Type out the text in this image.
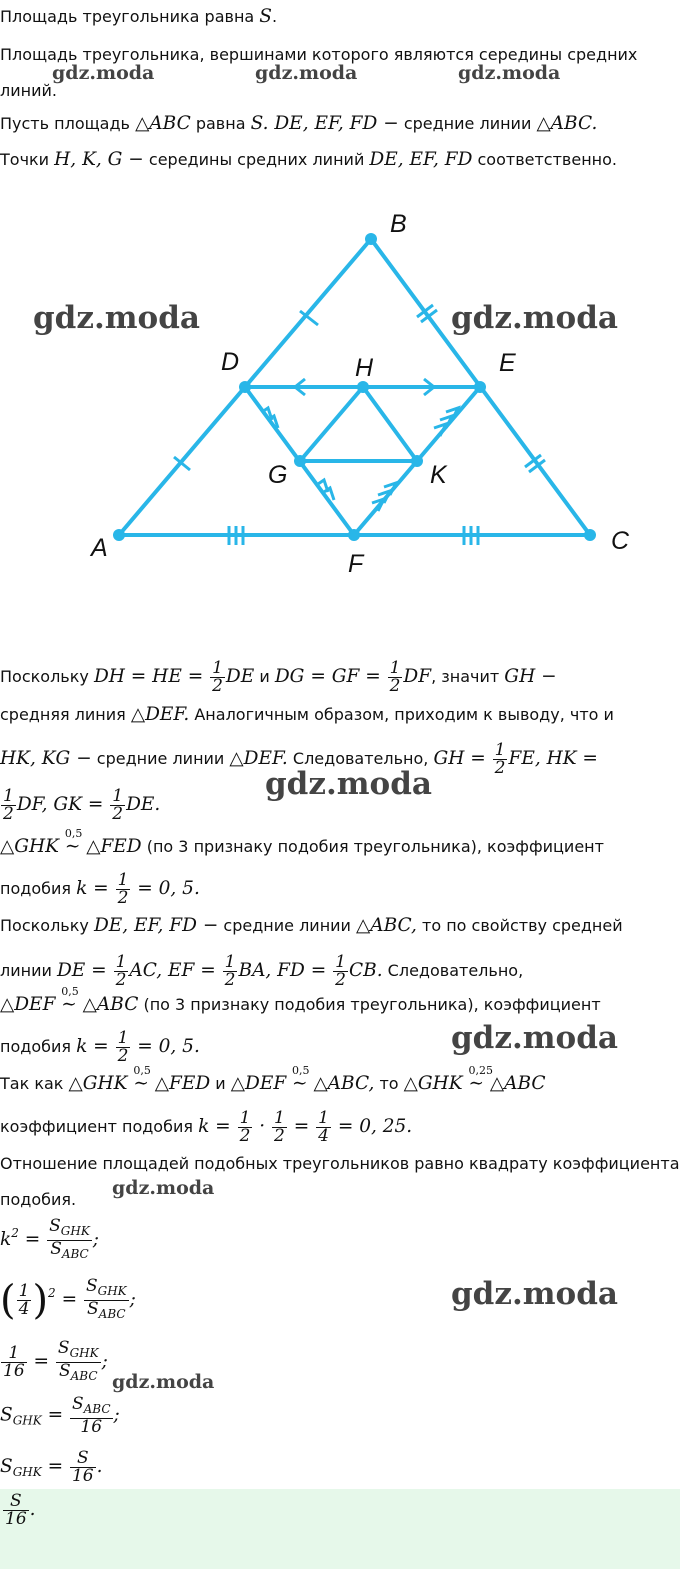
Площадь треугольника равна S.
Площадь треугольника, вершинами которого являются середины средних
линий.
Пусть площадь △ABC равна S. DE, EF, FD − средние линии △ABC.
Точки H, K, G − середины средних линий DE, EF, FD соответственно.
A
B
C
D	E
F
G
H
K
Поскольку DH = HE = $\frac{1}{2}$ DE и DG = GF = $\frac{1}{2}$ DF, значит GH −
средняя линия △DEF. Аналогичным образом, приходим к выводу, что и
HK, KG − средние линии △DEF. Следовательно, GH = $\frac{1}{2}$ FE, HK =
$\frac{1}{2}$ DF, GK = $\frac{1}{2}$ DE.
△GHK
0,5
∼ △FED (по 3 признаку подобия треугольника), коэффициент
подобия $k = \frac{1}{2} = 0$, 5.
Поскольку DE, EF, FD − средние линии △ABC, то по свойству средней
линии DE = $\frac{1}{2}$ AC, EF = $\frac{1}{2}$ BA, FD = $\frac{1}{2}$ CB. Следовательно,
△DEF
0,5
∼ △ABC (по 3 признаку подобия треугольника), коэффициент
подобия $k = \frac{1}{2} = 0$, 5.
Так как △GHK
0,5
∼ △FED и △DEF
0,5
∼ △ABC, то △GHK
0,25
∼ △ABC
коэффициент подобия $k = \frac{1}{2} \cdot \frac{1}{2} = \frac{1}{4} = 0$, 25.
Отношение площадей подобных треугольников равно квадрату коэффициента
подобия.
$k^2 = \frac{S_{GHK}}{S_{ABC}}$ ;
( $\frac{1}{4} )^2 = \frac{S_{GHK}}{S_{ABC}}$ ;
$\frac{1}{16} = \frac{S_{GHK}}{S_{ABC}}$ ;
$S_{GHK} = \frac{S_{ABC}}{16}$ ;
$S_{GHK} = \frac{S}{16}$ .
$\frac{S}{16}$ .
gdz.moda	gdz.moda	gdz.moda
gdz.moda	gdz.moda
gdz.moda
gdz.moda
gdz.moda
gdz.moda
gdz.moda
